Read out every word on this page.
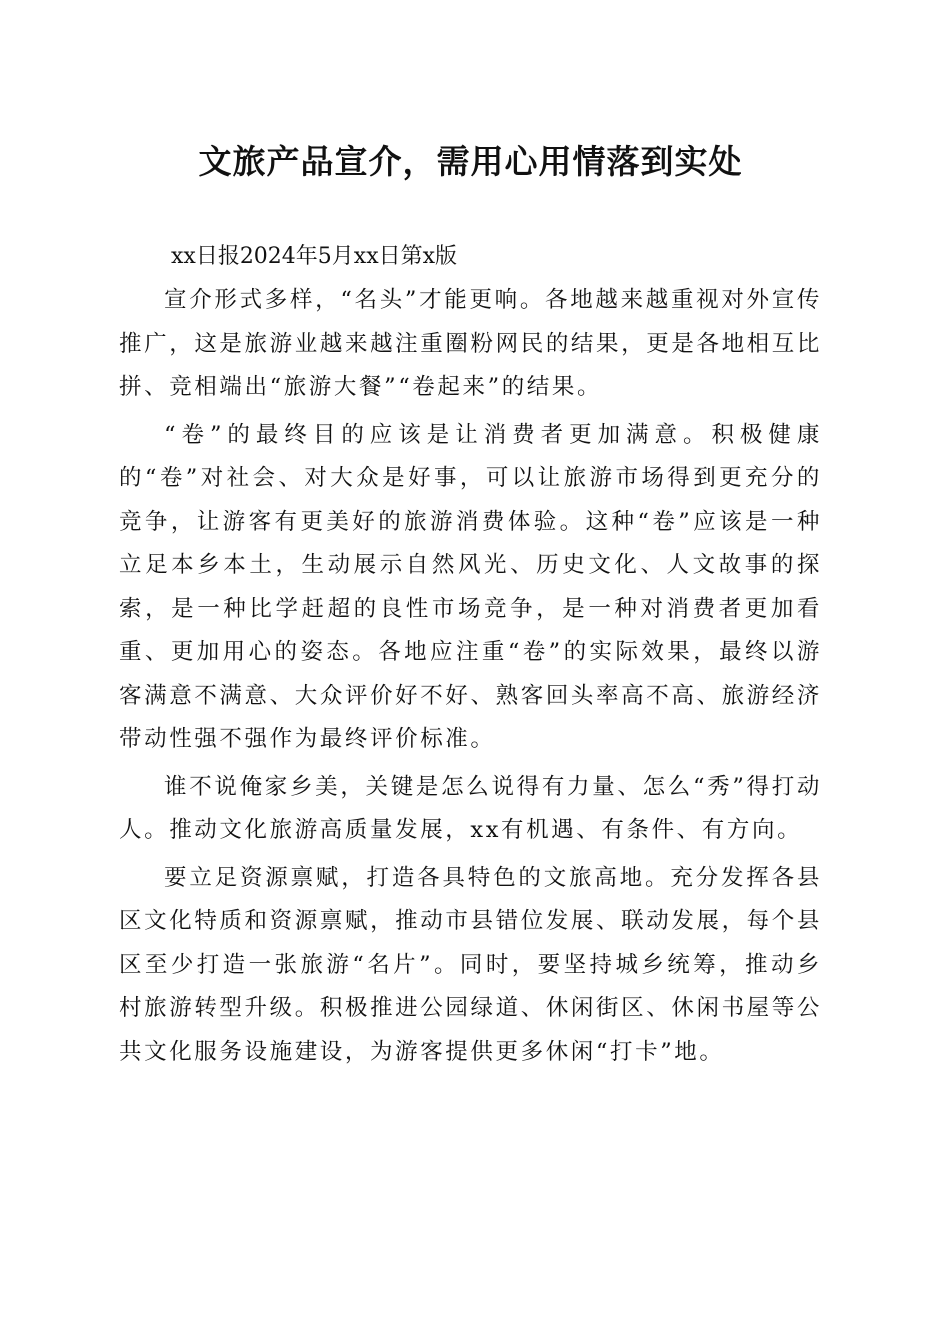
文旅产品宣介，需用心用情落到实处

xx日报2024年5月xx日第x版

宣介形式多样，“名头”才能更响。各地越来越重视对外宣传推广，这是旅游业越来越注重圈粉网民的结果，更是各地相互比拼、竞相端出“旅游大餐”“卷起来”的结果。

“卷”的最终目的应该是让消费者更加满意。积极健康的“卷”对社会、对大众是好事，可以让旅游市场得到更充分的竞争，让游客有更美好的旅游消费体验。这种“卷”应该是一种立足本乡本土，生动展示自然风光、历史文化、人文故事的探索，是一种比学赶超的良性市场竞争，是一种对消费者更加看重、更加用心的姿态。各地应注重“卷”的实际效果，最终以游客满意不满意、大众评价好不好、熟客回头率高不高、旅游经济带动性强不强作为最终评价标准。

谁不说俺家乡美，关键是怎么说得有力量、怎么“秀”得打动人。推动文化旅游高质量发展，xx有机遇、有条件、有方向。

要立足资源禀赋，打造各具特色的文旅高地。充分发挥各县区文化特质和资源禀赋，推动市县错位发展、联动发展，每个县区至少打造一张旅游“名片”。同时，要坚持城乡统筹，推动乡村旅游转型升级。积极推进公园绿道、休闲街区、休闲书屋等公共文化服务设施建设，为游客提供更多休闲“打卡”地。
